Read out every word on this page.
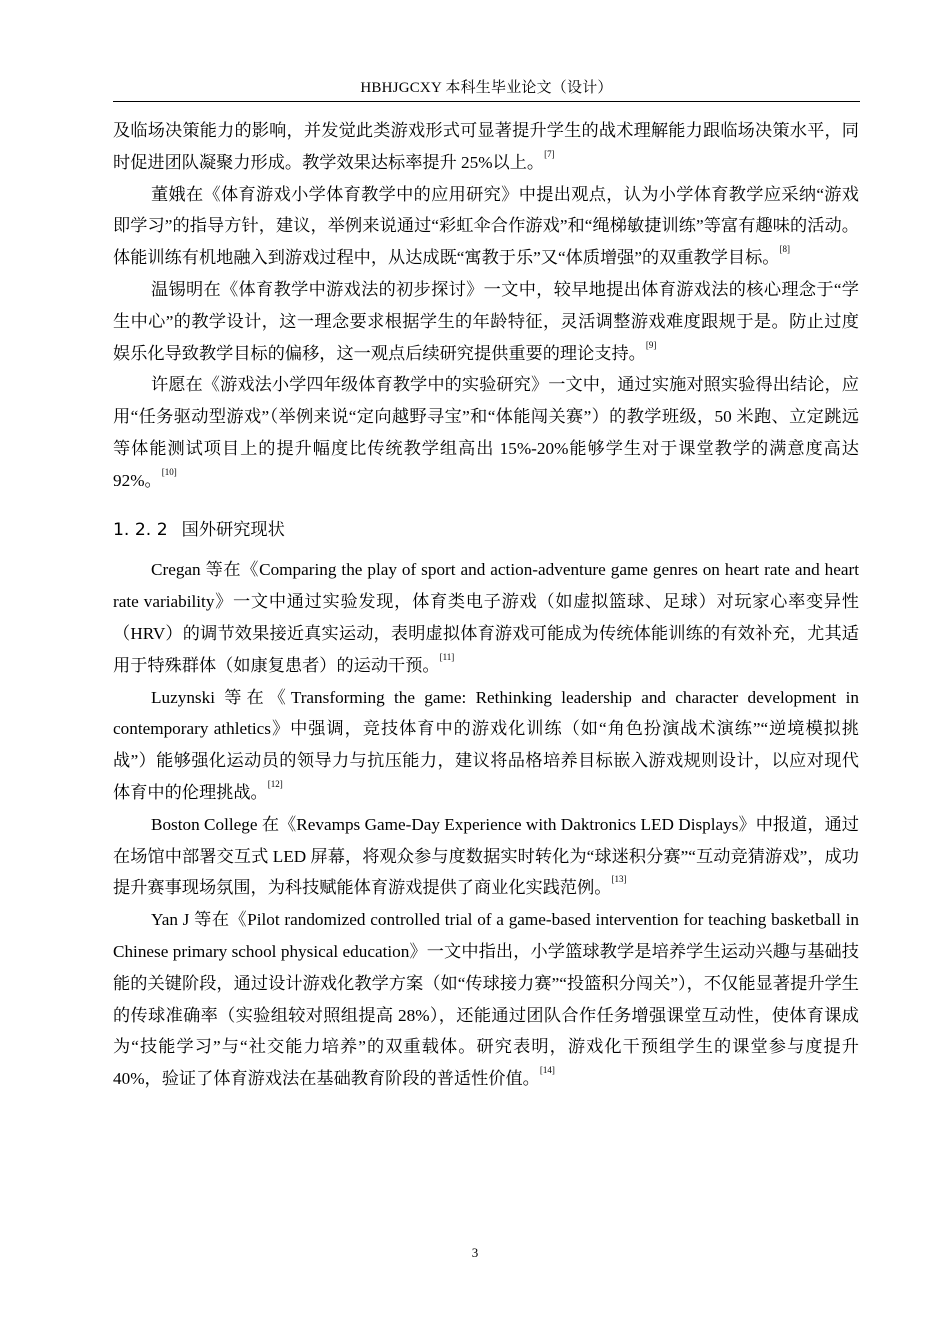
HBHJGCXY 本科生毕业论文（设计）

及临场决策能力的影响，并发觉此类游戏形式可显著提升学生的战术理解能力跟临场决策水平，同时促进团队凝聚力形成。教学效果达标率提升 25%以上。[7]

董娥在《体育游戏小学体育教学中的应用研究》中提出观点，认为小学体育教学应采纳“游戏即学习”的指导方针，建议，举例来说通过“彩虹伞合作游戏”和“绳梯敏捷训练”等富有趣味的活动。体能训练有机地融入到游戏过程中，从达成既“寓教于乐”又“体质增强”的双重教学目标。[8]

温锡明在《体育教学中游戏法的初步探讨》一文中，较早地提出体育游戏法的核心理念于“学生中心”的教学设计，这一理念要求根据学生的年龄特征，灵活调整游戏难度跟规于是。防止过度娱乐化导致教学目标的偏移，这一观点后续研究提供重要的理论支持。[9]

许愿在《游戏法小学四年级体育教学中的实验研究》一文中，通过实施对照实验得出结论，应用“任务驱动型游戏”（举例来说“定向越野寻宝”和“体能闯关赛”）的教学班级，50 米跑、立定跳远等体能测试项目上的提升幅度比传统教学组高出 15%-20%能够学生对于课堂教学的满意度高达 92%。[10]

1. 2. 2 国外研究现状

Cregan 等在《Comparing the play of sport and action-adventure game genres on heart rate and heart rate variability》一文中通过实验发现，体育类电子游戏（如虚拟篮球、足球）对玩家心率变异性（HRV）的调节效果接近真实运动，表明虚拟体育游戏可能成为传统体能训练的有效补充，尤其适用于特殊群体（如康复患者）的运动干预。[11]

Luzynski 等在《Transforming the game: Rethinking leadership and character development in contemporary athletics》中强调，竞技体育中的游戏化训练（如“角色扮演战术演练”“逆境模拟挑战”）能够强化运动员的领导力与抗压能力，建议将品格培养目标嵌入游戏规则设计，以应对现代体育中的伦理挑战。[12]

Boston College 在《Revamps Game-Day Experience with Daktronics LED Displays》中报道，通过在场馆中部署交互式 LED 屏幕，将观众参与度数据实时转化为“球迷积分赛”“互动竞猜游戏”，成功提升赛事现场氛围，为科技赋能体育游戏提供了商业化实践范例。[13]

Yan J 等在《Pilot randomized controlled trial of a game-based intervention for teaching basketball in Chinese primary school physical education》一文中指出，小学篮球教学是培养学生运动兴趣与基础技能的关键阶段，通过设计游戏化教学方案（如“传球接力赛”“投篮积分闯关”），不仅能显著提升学生的传球准确率（实验组较对照组提高 28%），还能通过团队合作任务增强课堂互动性，使体育课成为“技能学习”与“社交能力培养”的双重载体。研究表明，游戏化干预组学生的课堂参与度提升 40%，验证了体育游戏法在基础教育阶段的普适性价值。[14]

3
